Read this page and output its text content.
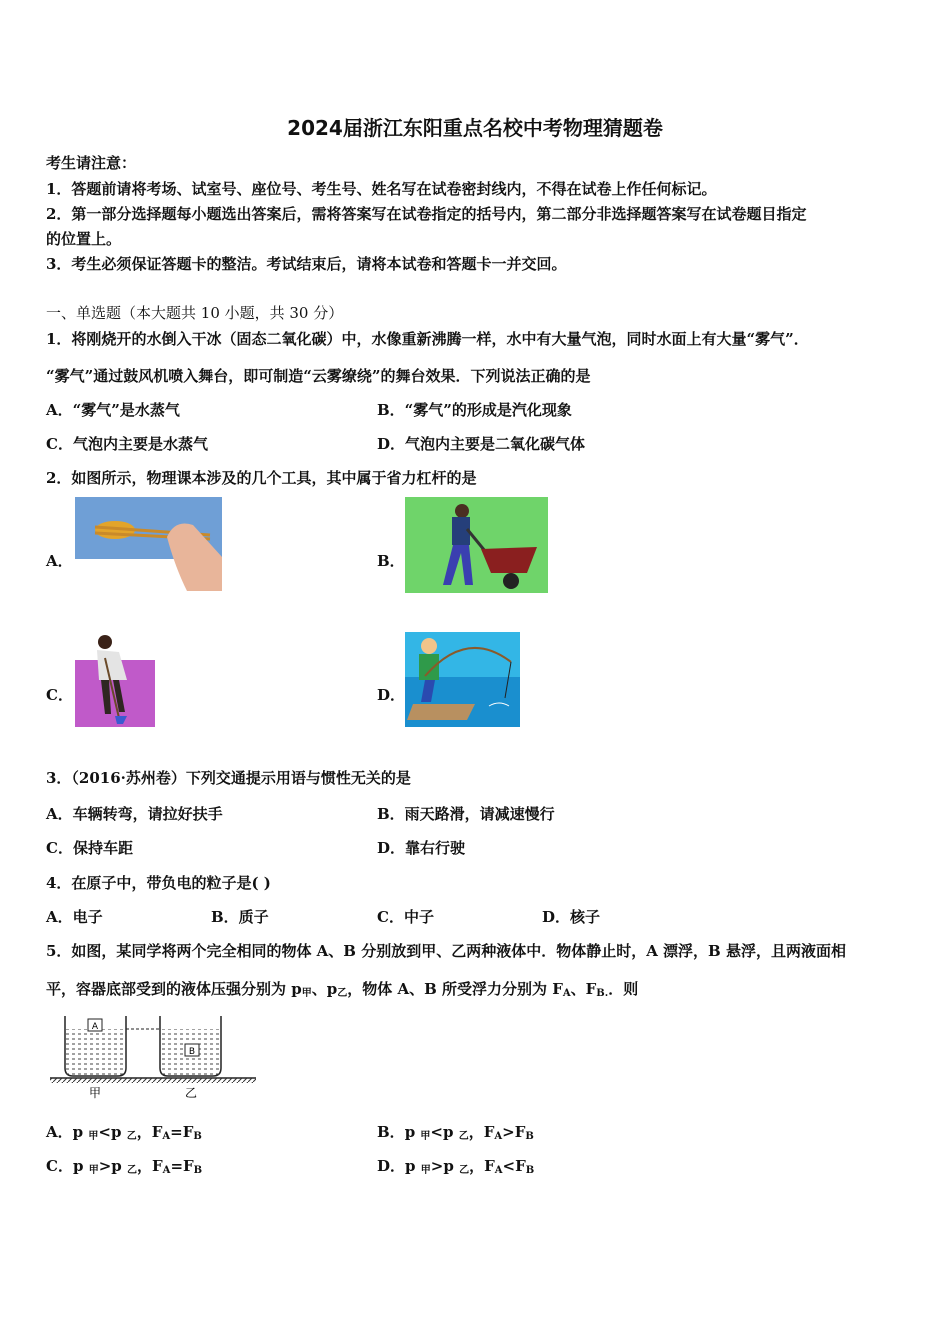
2024届浙江东阳重点名校中考物理猜题卷
考生请注意：
1．答题前请将考场、试室号、座位号、考生号、姓名写在试卷密封线内，不得在试卷上作任何标记。
2．第一部分选择题每小题选出答案后，需将答案写在试卷指定的括号内，第二部分非选择题答案写在试卷题目指定
的位置上。
3．考生必须保证答题卡的整洁。考试结束后，请将本试卷和答题卡一并交回。
一、单选题（本大题共 10 小题，共 30 分）
1．将刚烧开的水倒入干冰（固态二氧化碳）中，水像重新沸腾一样，水中有大量气泡，同时水面上有大量“雾气”．
“雾气”通过鼓风机喷入舞台，即可制造“云雾缭绕”的舞台效果．下列说法正确的是
A．“雾气”是水蒸气	B．“雾气”的形成是汽化现象
C．气泡内主要是水蒸气	D．气泡内主要是二氧化碳气体
2．如图所示，物理课本涉及的几个工具，其中属于省力杠杆的是
A．	B．
C．	D．
3．（2016·苏州卷）下列交通提示用语与惯性无关的是
A．车辆转弯，请拉好扶手	B．雨天路滑，请减速慢行
C．保持车距	D．靠右行驶
4．在原子中，带负电的粒子是( )
A．电子	B．质子	C．中子	D．核子
5．如图，某同学将两个完全相同的物体 A、B 分别放到甲、乙两种液体中．物体静止时，A 漂浮，B 悬浮，且两液面相
平，容器底部受到的液体压强分别为 $p_甲$、$p_乙$，物体 A、B 所受浮力分别为 $F_A$、$F_{B.}$．则
A
B
甲	乙
A．p $_甲$<p $_乙$，$F_A=F_B$	B．p $_甲$<p $_乙$，$F_A>F_B$
C．p $_甲$>p $_乙$，$F_A=F_B$	D．p $_甲$>p $_乙$，$F_A<F_B$
